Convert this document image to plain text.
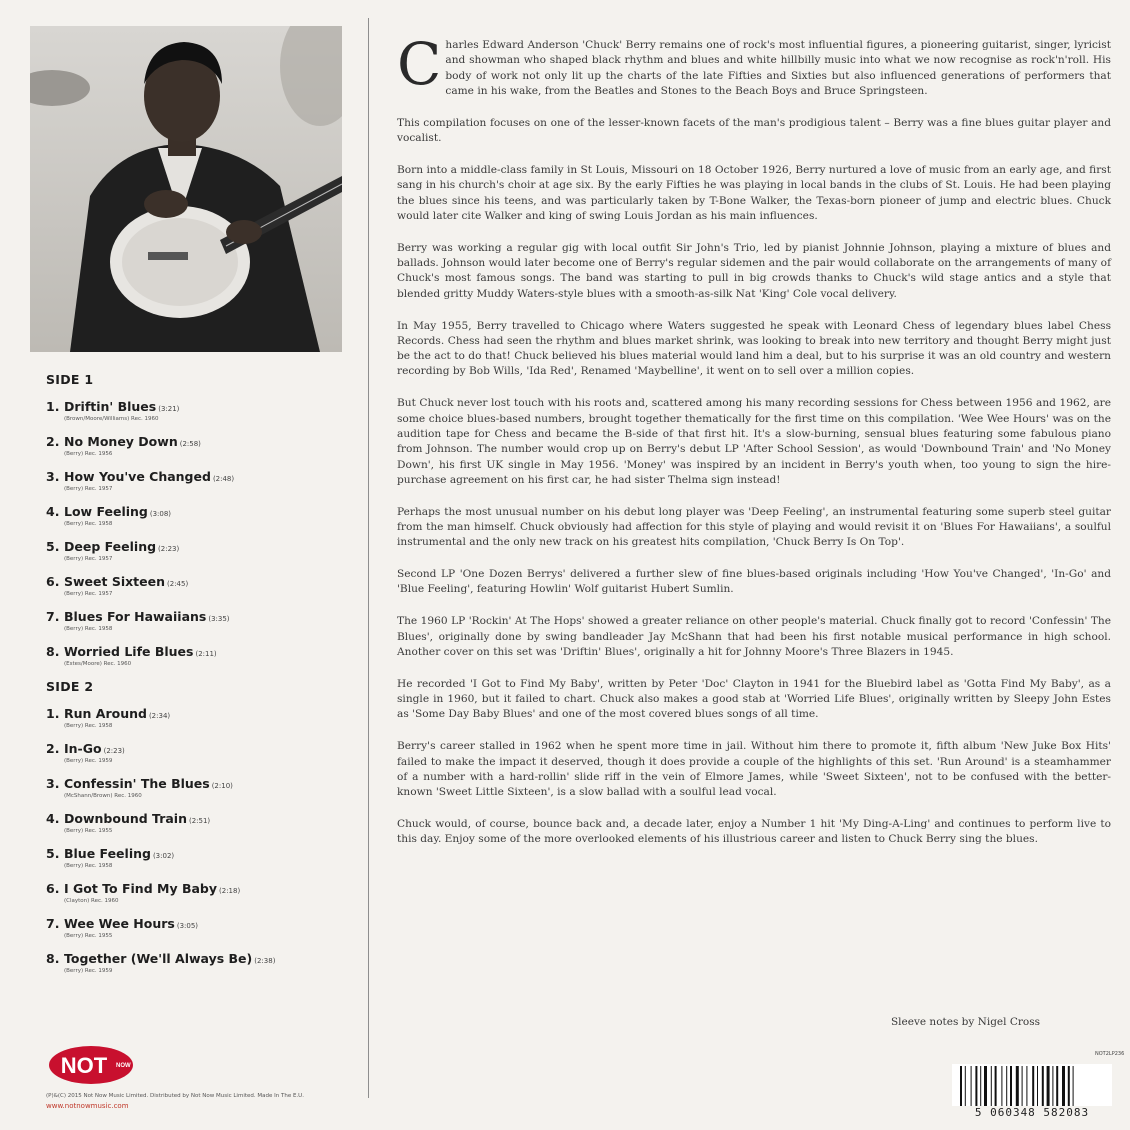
SIDE 1
1. Driftin' Blues (3:21)
(Brown/Moore/Williams) Rec. 1960
2. No Money Down (2:58)
(Berry) Rec. 1956
3. How You've Changed (2:48)
(Berry) Rec. 1957
4. Low Feeling (3:08)
(Berry) Rec. 1958
5. Deep Feeling (2:23)
(Berry) Rec. 1957
6. Sweet Sixteen (2:45)
(Berry) Rec. 1957
7. Blues For Hawaiians (3:35)
(Berry) Rec. 1958
8. Worried Life Blues (2:11)
(Estes/Moore) Rec. 1960
SIDE 2
1. Run Around (2:34)
(Berry) Rec. 1958
2. In-Go (2:23)
(Berry) Rec. 1959
3. Confessin' The Blues (2:10)
(McShann/Brown) Rec. 1960
4. Downbound Train (2:51)
(Berry) Rec. 1955
5. Blue Feeling (3:02)
(Berry) Rec. 1958
6. I Got To Find My Baby (2:18)
(Clayton) Rec. 1960
7. Wee Wee Hours (3:05)
(Berry) Rec. 1955
8. Together (We'll Always Be) (2:38)
(Berry) Rec. 1959
NOT NOW
(P)&(C) 2015 Not Now Music Limited. Distributed by Not Now Music Limited. Made In The E.U.
www.notnowmusic.com

Charles Edward Anderson 'Chuck' Berry remains one of rock's most influential figures, a pioneering guitarist, singer, lyricist and showman who shaped black rhythm and blues and white hillbilly music into what we now recognise as rock'n'roll. His body of work not only lit up the charts of the late Fifties and Sixties but also influenced generations of performers that came in his wake, from the Beatles and Stones to the Beach Boys and Bruce Springsteen.

This compilation focuses on one of the lesser-known facets of the man's prodigious talent – Berry was a fine blues guitar player and vocalist.

Born into a middle-class family in St Louis, Missouri on 18 October 1926, Berry nurtured a love of music from an early age, and first sang in his church's choir at age six. By the early Fifties he was playing in local bands in the clubs of St. Louis. He had been playing the blues since his teens, and was particularly taken by T-Bone Walker, the Texas-born pioneer of jump and electric blues. Chuck would later cite Walker and king of swing Louis Jordan as his main influences.

Berry was working a regular gig with local outfit Sir John's Trio, led by pianist Johnnie Johnson, playing a mixture of blues and ballads. Johnson would later become one of Berry's regular sidemen and the pair would collaborate on the arrangements of many of Chuck's most famous songs. The band was starting to pull in big crowds thanks to Chuck's wild stage antics and a style that blended gritty Muddy Waters-style blues with a smooth-as-silk Nat 'King' Cole vocal delivery.

In May 1955, Berry travelled to Chicago where Waters suggested he speak with Leonard Chess of legendary blues label Chess Records. Chess had seen the rhythm and blues market shrink, was looking to break into new territory and thought Berry might just be the act to do that! Chuck believed his blues material would land him a deal, but to his surprise it was an old country and western recording by Bob Wills, 'Ida Red', Renamed 'Maybelline', it went on to sell over a million copies.

But Chuck never lost touch with his roots and, scattered among his many recording sessions for Chess between 1956 and 1962, are some choice blues-based numbers, brought together thematically for the first time on this compilation. 'Wee Wee Hours' was on the audition tape for Chess and became the B-side of that first hit. It's a slow-burning, sensual blues featuring some fabulous piano from Johnson. The number would crop up on Berry's debut LP 'After School Session', as would 'Downbound Train' and 'No Money Down', his first UK single in May 1956. 'Money' was inspired by an incident in Berry's youth when, too young to sign the hire-purchase agreement on his first car, he had sister Thelma sign instead!

Perhaps the most unusual number on his debut long player was 'Deep Feeling', an instrumental featuring some superb steel guitar from the man himself. Chuck obviously had affection for this style of playing and would revisit it on 'Blues For Hawaiians', a soulful instrumental and the only new track on his greatest hits compilation, 'Chuck Berry Is On Top'.

Second LP 'One Dozen Berrys' delivered a further slew of fine blues-based originals including 'How You've Changed', 'In-Go' and 'Blue Feeling', featuring Howlin' Wolf guitarist Hubert Sumlin.

The 1960 LP 'Rockin' At The Hops' showed a greater reliance on other people's material. Chuck finally got to record 'Confessin' The Blues', originally done by swing bandleader Jay McShann that had been his first notable musical performance in high school. Another cover on this set was 'Driftin' Blues', originally a hit for Johnny Moore's Three Blazers in 1945.

He recorded 'I Got to Find My Baby', written by Peter 'Doc' Clayton in 1941 for the Bluebird label as 'Gotta Find My Baby', as a single in 1960, but it failed to chart. Chuck also makes a good stab at 'Worried Life Blues', originally written by Sleepy John Estes as 'Some Day Baby Blues' and one of the most covered blues songs of all time.

Berry's career stalled in 1962 when he spent more time in jail. Without him there to promote it, fifth album 'New Juke Box Hits' failed to make the impact it deserved, though it does provide a couple of the highlights of this set. 'Run Around' is a steamhammer of a number with a hard-rollin' slide riff in the vein of Elmore James, while 'Sweet Sixteen', not to be confused with the better-known 'Sweet Little Sixteen', is a slow ballad with a soulful lead vocal.

Chuck would, of course, bounce back and, a decade later, enjoy a Number 1 hit 'My Ding-A-Ling' and continues to perform live to this day. Enjoy some of the more overlooked elements of his illustrious career and listen to Chuck Berry sing the blues.

Sleeve notes by Nigel Cross
NOT2LP236
5 060348 582083
